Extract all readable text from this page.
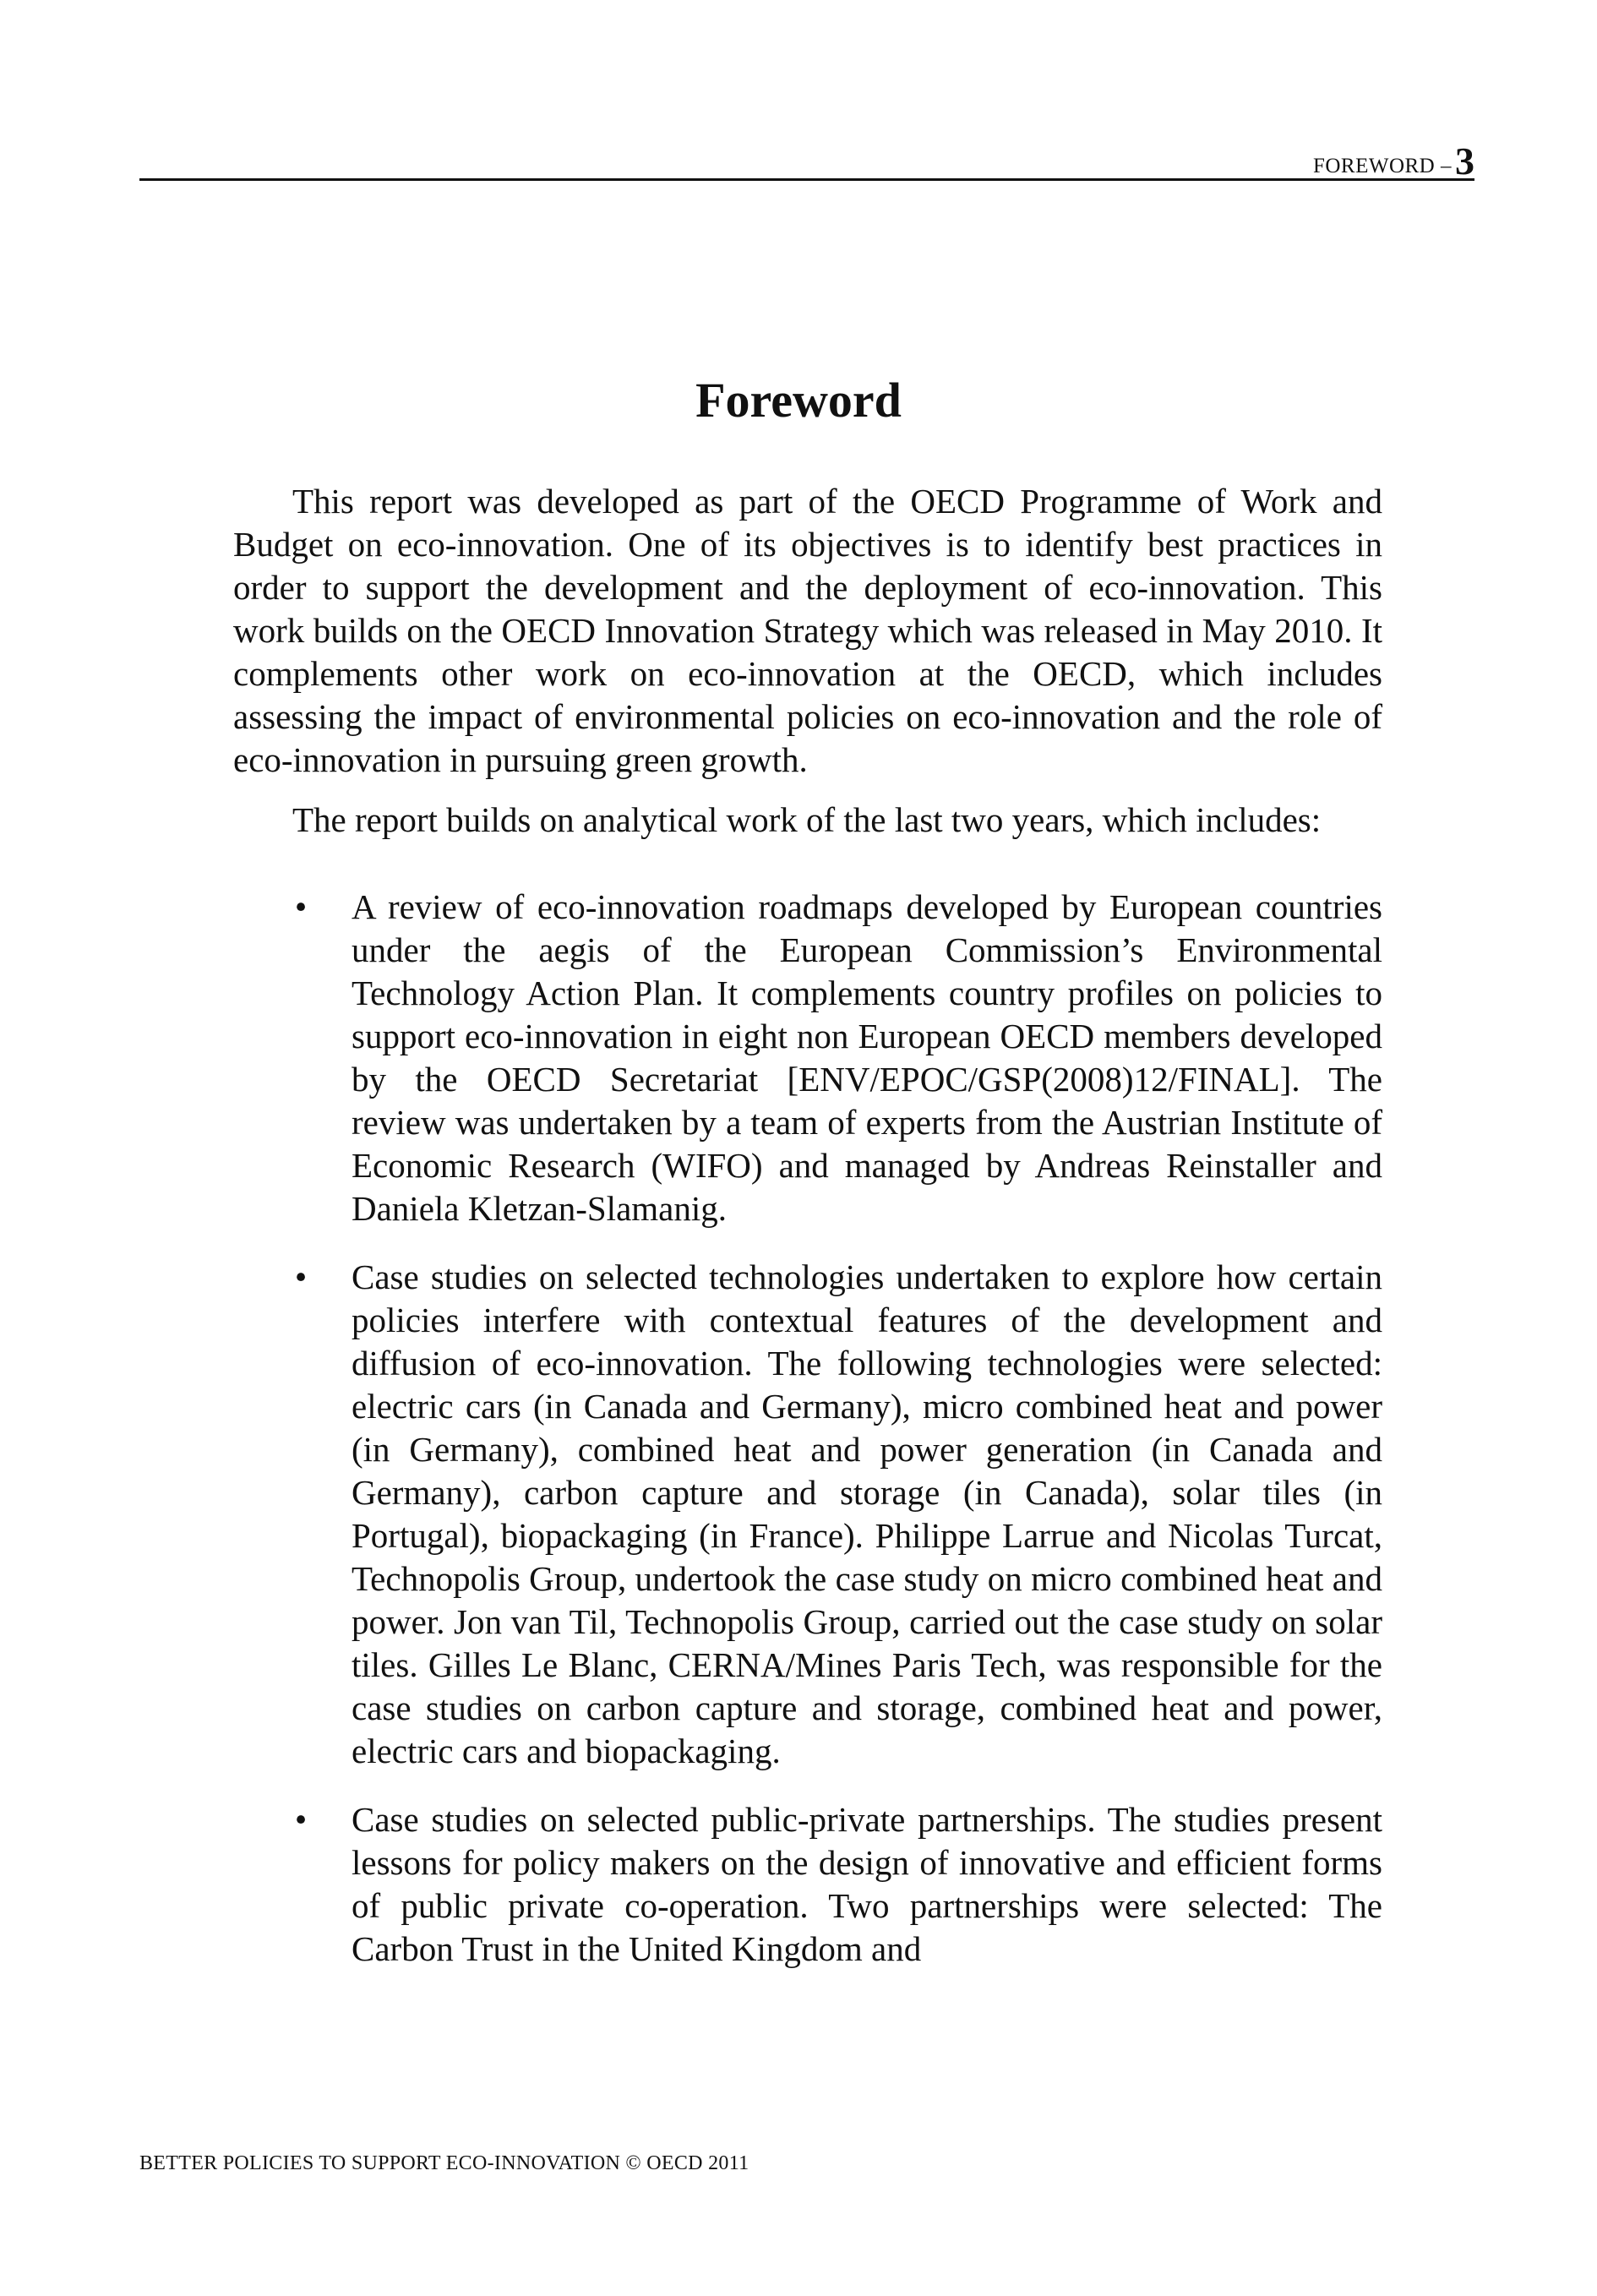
FOREWORD –3
Foreword

This report was developed as part of the OECD Programme of Work and Budget on eco-innovation. One of its objectives is to identify best practices in order to support the development and the deployment of eco-innovation. This work builds on the OECD Innovation Strategy which was released in May 2010. It complements other work on eco-innovation at the OECD, which includes assessing the impact of environmental policies on eco-innovation and the role of eco-innovation in pursuing green growth.

The report builds on analytical work of the last two years, which includes:

• A review of eco-innovation roadmaps developed by European countries under the aegis of the European Commission’s Environmental Technology Action Plan. It complements country profiles on policies to support eco-innovation in eight non European OECD members developed by the OECD Secretariat [ENV/EPOC/GSP(2008)12/FINAL]. The review was undertaken by a team of experts from the Austrian Institute of Economic Research (WIFO) and managed by Andreas Reinstaller and Daniela Kletzan-Slamanig.
• Case studies on selected technologies undertaken to explore how certain policies interfere with contextual features of the development and diffusion of eco-innovation. The following technologies were selected: electric cars (in Canada and Germany), micro combined heat and power (in Germany), combined heat and power generation (in Canada and Germany), carbon capture and storage (in Canada), solar tiles (in Portugal), biopackaging (in France). Philippe Larrue and Nicolas Turcat, Technopolis Group, undertook the case study on micro combined heat and power. Jon van Til, Technopolis Group, carried out the case study on solar tiles. Gilles Le Blanc, CERNA/Mines Paris Tech, was responsible for the case studies on carbon capture and storage, combined heat and power, electric cars and biopackaging.
• Case studies on selected public-private partnerships. The studies present lessons for policy makers on the design of innovative and efficient forms of public private co-operation. Two partnerships were selected: The Carbon Trust in the United Kingdom and
BETTER POLICIES TO SUPPORT ECO-INNOVATION © OECD 2011
